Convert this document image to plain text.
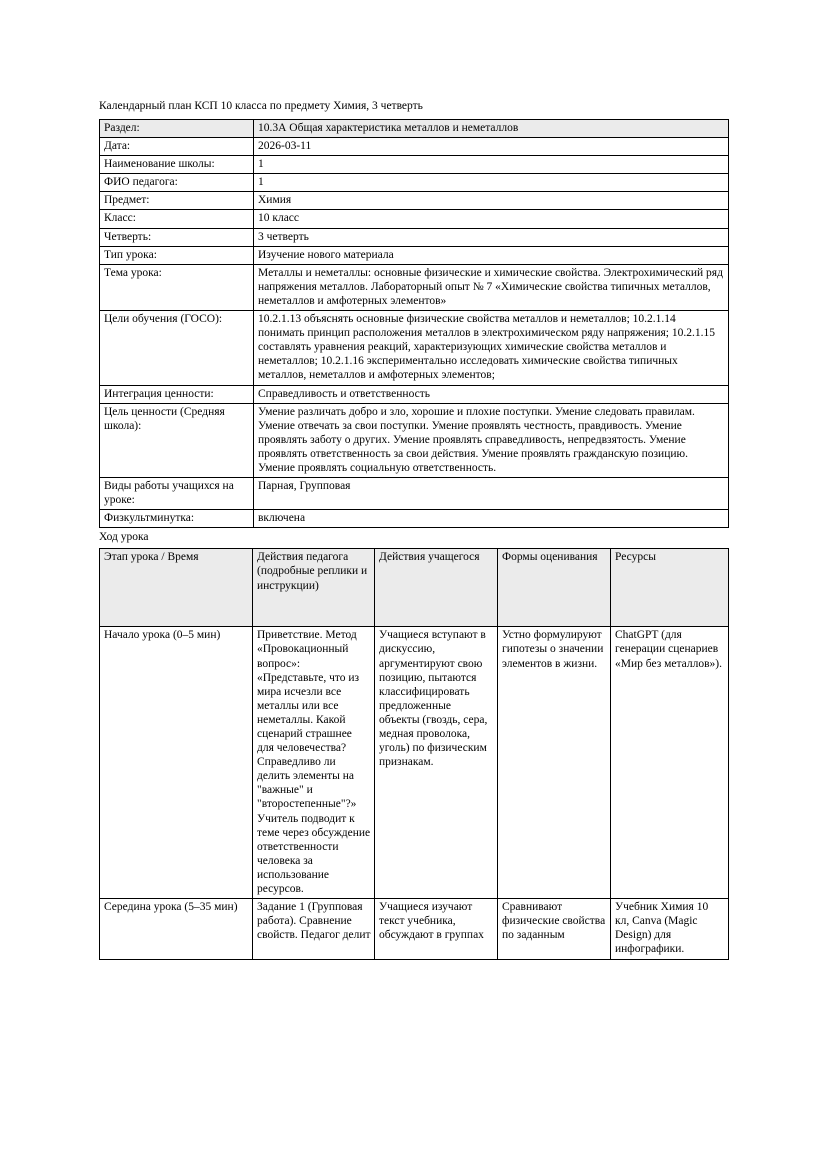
Календарный план КСП 10 класса по предмету Химия, 3 четверть
Раздел:	10.3А Общая характеристика металлов и неметаллов
Дата:	2026-03-11
Наименование школы:	1
ФИО педагога:	1
Предмет:	Химия
Класс:	10 класс
Четверть:	3 четверть
Тип урока:	Изучение нового материала
Тема урока:	Металлы и неметаллы: основные физические и химические свойства. Электрохимический ряд напряжения металлов. Лабораторный опыт № 7 «Химические свойства типичных металлов, неметаллов и амфотерных элементов»
Цели обучения (ГОСО):	10.2.1.13 объяснять основные физические свойства металлов и неметаллов; 10.2.1.14 понимать принцип расположения металлов в электрохимическом ряду напряжения; 10.2.1.15 составлять уравнения реакций, характеризующих химические свойства металлов и неметаллов; 10.2.1.16 экспериментально исследовать химические свойства типичных металлов, неметаллов и амфотерных элементов;
Интеграция ценности:	Справедливость и ответственность
Цель ценности (Средняя школа):	Умение различать добро и зло, хорошие и плохие поступки. Умение следовать правилам. Умение отвечать за свои поступки. Умение проявлять честность, правдивость. Умение проявлять заботу о других. Умение проявлять справедливость, непредвзятость. Умение проявлять ответственность за свои действия. Умение проявлять гражданскую позицию. Умение проявлять социальную ответственность.
Виды работы учащихся на уроке:	Парная, Групповая
Физкультминутка:	включена
Ход урока
Этап урока / Время	Действия педагога (подробные реплики и инструкции)	Действия учащегося	Формы оценивания	Ресурсы
Начало урока (0–5 мин)	Приветствие. Метод «Провокационный вопрос»: «Представьте, что из мира исчезли все металлы или все неметаллы. Какой сценарий страшнее для человечества? Справедливо ли делить элементы на "важные" и "второстепенные"?» Учитель подводит к теме через обсуждение ответственности человека за использование ресурсов.	Учащиеся вступают в дискуссию, аргументируют свою позицию, пытаются классифицировать предложенные объекты (гвоздь, сера, медная проволока, уголь) по физическим признакам.	Устно формулируют гипотезы о значении элементов в жизни.	ChatGPT (для генерации сценариев «Мир без металлов»).
Середина урока (5–35 мин)	Задание 1 (Групповая работа). Сравнение свойств. Педагог делит	Учащиеся изучают текст учебника, обсуждают в группах	Сравнивают физические свойства по заданным	Учебник Химия 10 кл, Canva (Magic Design) для инфографики.
